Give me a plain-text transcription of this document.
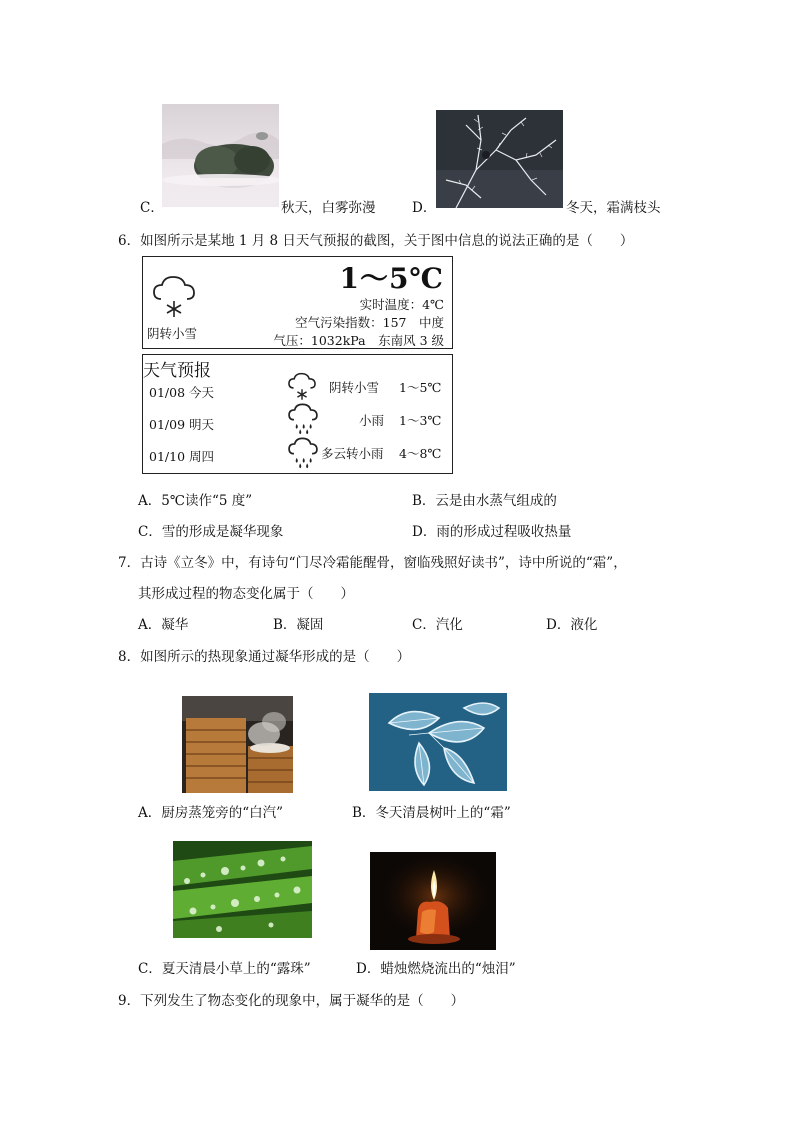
C．	秋天，白雾弥漫	D．	冬天，霜满枝头
6．如图所示是某地 1 月 8 日天气预报的截图，关于图中信息的说法正确的是（　　）
阴转小雪
1～5℃
实时温度：4℃
空气污染指数：157　中度
气压：1032kPa　东南风 3 级
天气预报
01/08 今天	阴转小雪 1～5℃
01/09 明天	小雨 1～3℃
01/10 周四	多云转小雨 4～8℃
A．5℃读作“5 度”	B．云是由水蒸气组成的
C．雪的形成是凝华现象	D．雨的形成过程吸收热量
7．古诗《立冬》中，有诗句“门尽冷霜能醒骨，窗临残照好读书”，诗中所说的“霜”，
其形成过程的物态变化属于（　　）
A．凝华	B．凝固	C．汽化	D．液化
8．如图所示的热现象通过凝华形成的是（　　）
A．厨房蒸笼旁的“白汽”	B．冬天清晨树叶上的“霜”
C．夏天清晨小草上的“露珠”	D．蜡烛燃烧流出的“烛泪”
9．下列发生了物态变化的现象中，属于凝华的是（　　）
